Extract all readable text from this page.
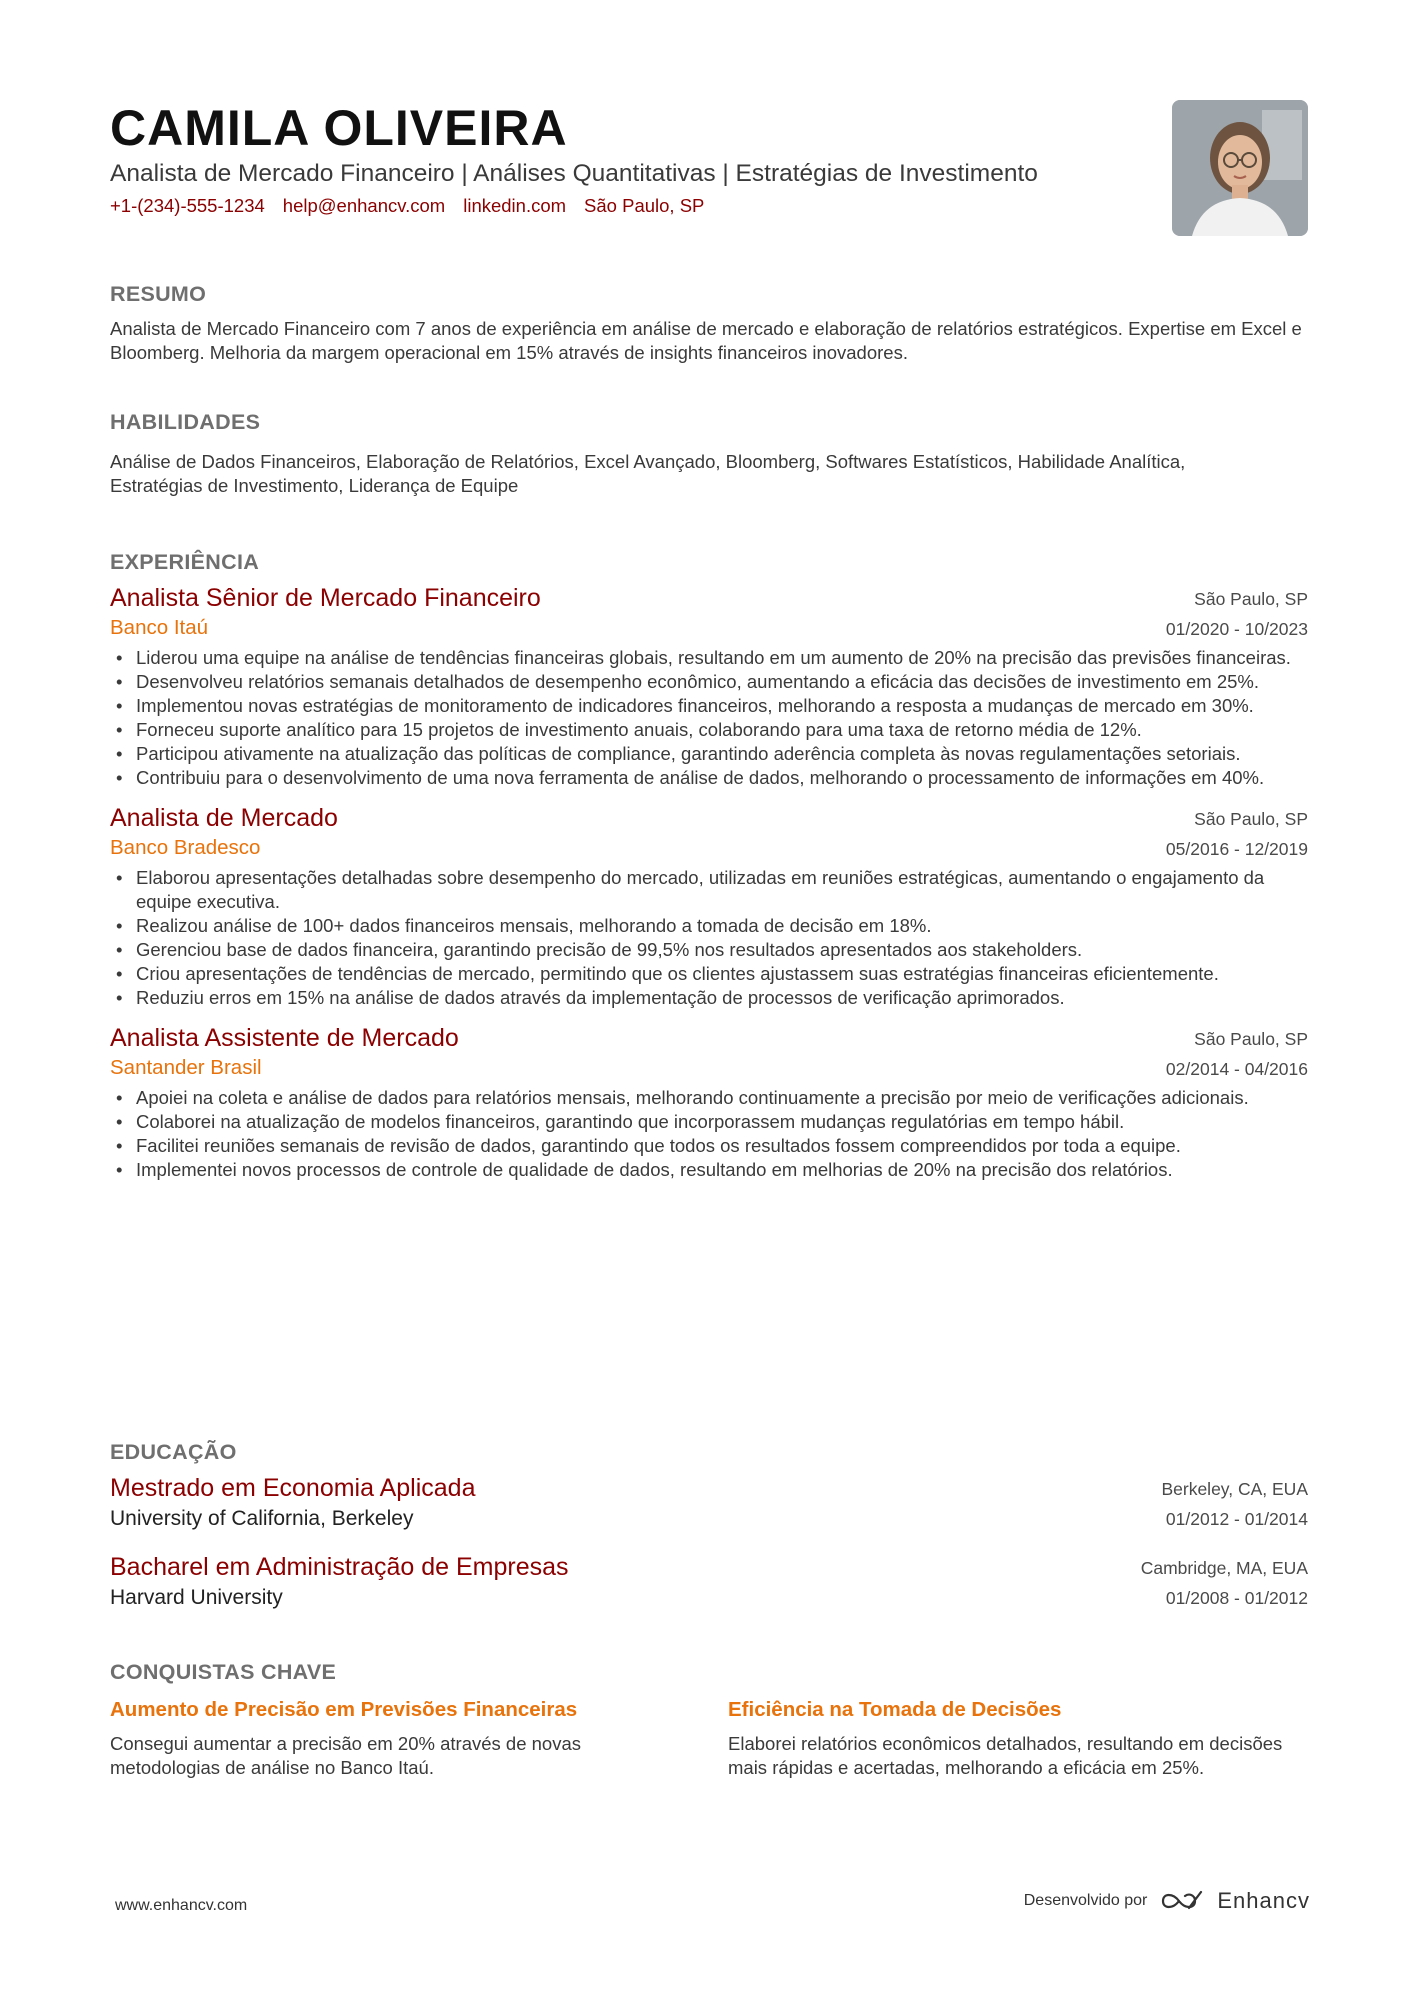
CAMILA OLIVEIRA
Analista de Mercado Financeiro | Análises Quantitativas | Estratégias de Investimento
+1-(234)-555-1234 help@enhancv.com linkedin.com São Paulo, SP
RESUMO
Analista de Mercado Financeiro com 7 anos de experiência em análise de mercado e elaboração de relatórios estratégicos. Expertise em Excel e Bloomberg. Melhoria da margem operacional em 15% através de insights financeiros inovadores.
HABILIDADES
Análise de Dados Financeiros, Elaboração de Relatórios, Excel Avançado, Bloomberg, Softwares Estatísticos, Habilidade Analítica, Estratégias de Investimento, Liderança de Equipe
EXPERIÊNCIA
Analista Sênior de Mercado Financeiro
Banco Itaú
São Paulo, SP
01/2020 - 10/2023
• Liderou uma equipe na análise de tendências financeiras globais, resultando em um aumento de 20% na precisão das previsões financeiras.
• Desenvolveu relatórios semanais detalhados de desempenho econômico, aumentando a eficácia das decisões de investimento em 25%.
• Implementou novas estratégias de monitoramento de indicadores financeiros, melhorando a resposta a mudanças de mercado em 30%.
• Forneceu suporte analítico para 15 projetos de investimento anuais, colaborando para uma taxa de retorno média de 12%.
• Participou ativamente na atualização das políticas de compliance, garantindo aderência completa às novas regulamentações setoriais.
• Contribuiu para o desenvolvimento de uma nova ferramenta de análise de dados, melhorando o processamento de informações em 40%.
Analista de Mercado
Banco Bradesco
São Paulo, SP
05/2016 - 12/2019
• Elaborou apresentações detalhadas sobre desempenho do mercado, utilizadas em reuniões estratégicas, aumentando o engajamento da equipe executiva.
• Realizou análise de 100+ dados financeiros mensais, melhorando a tomada de decisão em 18%.
• Gerenciou base de dados financeira, garantindo precisão de 99,5% nos resultados apresentados aos stakeholders.
• Criou apresentações de tendências de mercado, permitindo que os clientes ajustassem suas estratégias financeiras eficientemente.
• Reduziu erros em 15% na análise de dados através da implementação de processos de verificação aprimorados.
Analista Assistente de Mercado
Santander Brasil
São Paulo, SP
02/2014 - 04/2016
• Apoiei na coleta e análise de dados para relatórios mensais, melhorando continuamente a precisão por meio de verificações adicionais.
• Colaborei na atualização de modelos financeiros, garantindo que incorporassem mudanças regulatórias em tempo hábil.
• Facilitei reuniões semanais de revisão de dados, garantindo que todos os resultados fossem compreendidos por toda a equipe.
• Implementei novos processos de controle de qualidade de dados, resultando em melhorias de 20% na precisão dos relatórios.
EDUCAÇÃO
Mestrado em Economia Aplicada
University of California, Berkeley
Berkeley, CA, EUA
01/2012 - 01/2014
Bacharel em Administração de Empresas
Harvard University
Cambridge, MA, EUA
01/2008 - 01/2012
CONQUISTAS CHAVE
Aumento de Precisão em Previsões Financeiras
Consegui aumentar a precisão em 20% através de novas metodologias de análise no Banco Itaú.
Eficiência na Tomada de Decisões
Elaborei relatórios econômicos detalhados, resultando em decisões mais rápidas e acertadas, melhorando a eficácia em 25%.
www.enhancv.com	Desenvolvido por	Enhancv
